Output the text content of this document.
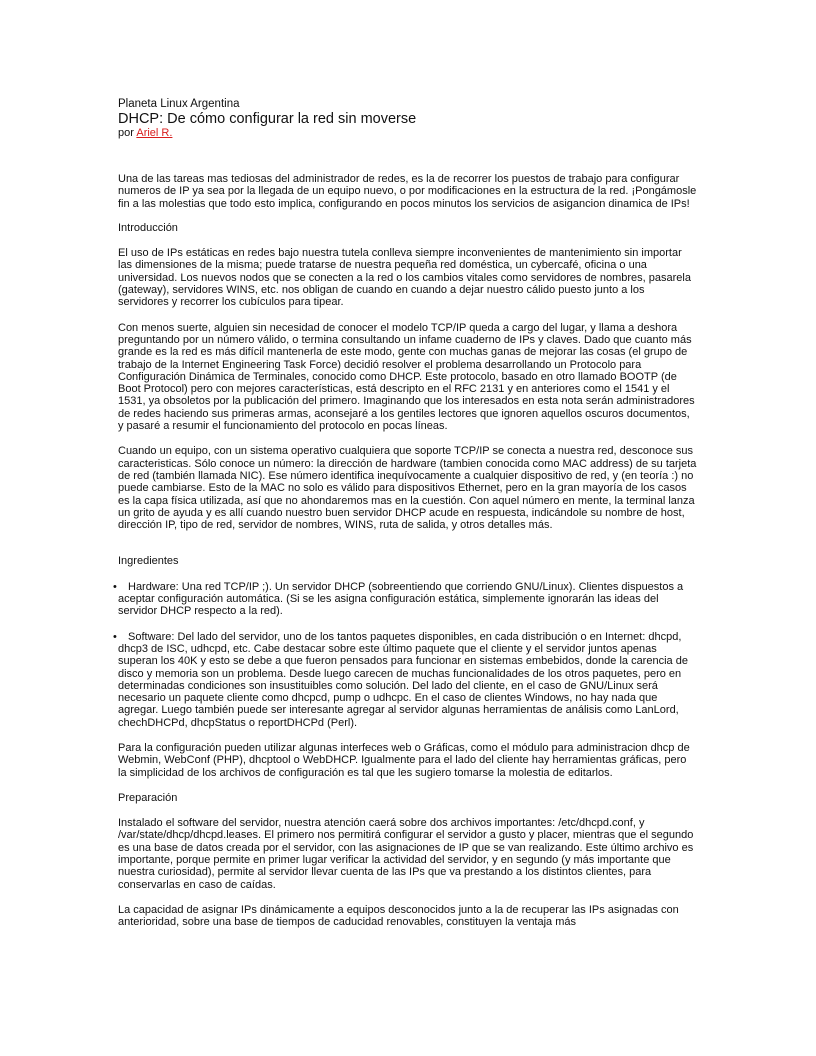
Planeta Linux Argentina

DHCP: De cómo configurar la red sin moverse

por Ariel R.

Una de las tareas mas tediosas del administrador de redes, es la de recorrer los puestos de trabajo para configurar numeros de IP ya sea por la llegada de un equipo nuevo, o por modificaciones en la estructura de la red. ¡Pongámosle fin a las molestias que todo esto implica, configurando en pocos minutos los servicios de asigancion dinamica de IPs!

Introducción

El uso de IPs estáticas en redes bajo nuestra tutela conlleva siempre inconvenientes de mantenimiento sin importar las dimensiones de la misma; puede tratarse de nuestra pequeña red doméstica, un cybercafé, oficina o una universidad. Los nuevos nodos que se conecten a la red o los cambios vitales como servidores de nombres, pasarela (gateway), servidores WINS, etc. nos obligan de cuando en cuando a dejar nuestro cálido puesto junto a los servidores y recorrer los cubículos para tipear.

Con menos suerte, alguien sin necesidad de conocer el modelo TCP/IP queda a cargo del lugar, y llama a deshora preguntando por un número válido, o termina consultando un infame cuaderno de IPs y claves. Dado que cuanto más grande es la red es más difícil mantenerla de este modo, gente con muchas ganas de mejorar las cosas (el grupo de trabajo de la Internet Engineering Task Force) decidió resolver el problema desarrollando un Protocolo para Configuración Dinámica de Terminales, conocido como DHCP. Este protocolo, basado en otro llamado BOOTP (de Boot Protocol) pero con mejores características, está descripto en el RFC 2131 y en anteriores como el 1541 y el 1531, ya obsoletos por la publicación del primero. Imaginando que los interesados en esta nota serán administradores de redes haciendo sus primeras armas, aconsejaré a los gentiles lectores que ignoren aquellos oscuros documentos, y pasaré a resumir el funcionamiento del protocolo en pocas líneas.

Cuando un equipo, con un sistema operativo cualquiera que soporte TCP/IP se conecta a nuestra red, desconoce sus caracteristicas. Sólo conoce un número: la dirección de hardware (tambien conocida como MAC address) de su tarjeta de red (también llamada NIC). Ese número identifica inequívocamente a cualquier dispositivo de red, y (en teoría :) no puede cambiarse. Esto de la MAC no solo es válido para dispositivos Ethernet, pero en la gran mayoría de los casos es la capa física utilizada, así que no ahondaremos mas en la cuestión. Con aquel número en mente, la terminal lanza un grito de ayuda y es allí cuando nuestro buen servidor DHCP acude en respuesta, indicándole su nombre de host, dirección IP, tipo de red, servidor de nombres, WINS, ruta de salida, y otros detalles más.

Ingredientes

•	Hardware: Una red TCP/IP ;). Un servidor DHCP (sobreentiendo que corriendo GNU/Linux). Clientes dispuestos a aceptar configuración automática. (Si se les asigna configuración estática, simplemente ignorarán las ideas del servidor DHCP respecto a la red).
•	Software: Del lado del servidor, uno de los tantos paquetes disponibles, en cada distribución o en Internet: dhcpd, dhcp3 de ISC, udhcpd, etc. Cabe destacar sobre este último paquete que el cliente y el servidor juntos apenas superan los 40K y esto se debe a que fueron pensados para funcionar en sistemas embebidos, donde la carencia de disco y memoria son un problema. Desde luego carecen de muchas funcionalidades de los otros paquetes, pero en determinadas condiciones son insustituibles como solución. Del lado del cliente, en el caso de GNU/Linux será necesario un paquete cliente como dhcpcd, pump o udhcpc. En el caso de clientes Windows, no hay nada que agregar. Luego también puede ser interesante agregar al servidor algunas herramientas de análisis como LanLord, chechDHCPd, dhcpStatus o reportDHCPd (Perl).

Para la configuración pueden utilizar algunas interfeces web o Gráficas, como el módulo para administracion dhcp de Webmin, WebConf (PHP), dhcptool o WebDHCP. Igualmente para el lado del cliente hay herramientas gráficas, pero la simplicidad de los archivos de configuración es tal que les sugiero tomarse la molestia de editarlos.

Preparación

Instalado el software del servidor, nuestra atención caerá sobre dos archivos importantes: /etc/dhcpd.conf, y /var/state/dhcp/dhcpd.leases. El primero nos permitirá configurar el servidor a gusto y placer, mientras que el segundo es una base de datos creada por el servidor, con las asignaciones de IP que se van realizando. Este último archivo es importante, porque permite en primer lugar verificar la actividad del servidor, y en segundo (y más importante que nuestra curiosidad), permite al servidor llevar cuenta de las IPs que va prestando a los distintos clientes, para conservarlas en caso de caídas.

La capacidad de asignar IPs dinámicamente a equipos desconocidos junto a la de recuperar las IPs asignadas con anterioridad, sobre una base de tiempos de caducidad renovables, constituyen la ventaja más
